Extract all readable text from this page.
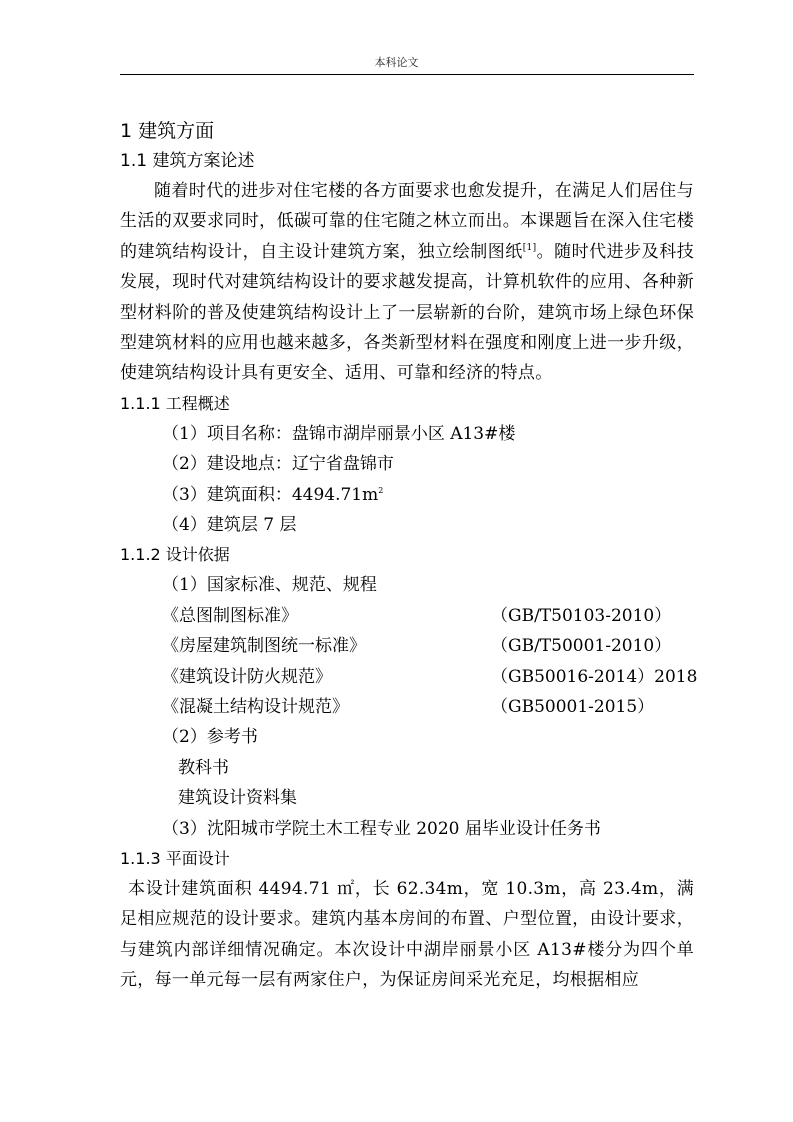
本科论文
1 建筑方面
1.1 建筑方案论述

随着时代的进步对住宅楼的各方面要求也愈发提升，在满足人们居住与生活的双要求同时，低碳可靠的住宅随之林立而出。本课题旨在深入住宅楼的建筑结构设计，自主设计建筑方案，独立绘制图纸[1]。随时代进步及科技发展，现时代对建筑结构设计的要求越发提高，计算机软件的应用、各种新型材料阶的普及使建筑结构设计上了一层崭新的台阶，建筑市场上绿色环保型建筑材料的应用也越来越多，各类新型材料在强度和刚度上进一步升级，使建筑结构设计具有更安全、适用、可靠和经济的特点。

1.1.1 工程概述
（1）项目名称：盘锦市湖岸丽景小区 A13#楼
（2）建设地点：辽宁省盘锦市
（3）建筑面积：$4494.71m^2$
（4）建筑层 7 层
1.1.2 设计依据
（1）国家标准、规范、规程
《总图制图标准》	（GB/T50103-2010）
《房屋建筑制图统一标准》	（GB/T50001-2010）
《建筑设计防火规范》	（GB50016-2014）2018
《混凝土结构设计规范》	（GB50001-2015）
（2）参考书
教科书
建筑设计资料集
（3）沈阳城市学院土木工程专业 2020 届毕业设计任务书
1.1.3 平面设计

本设计建筑面积 4494.71 ㎡，长 62.34m，宽 10.3m，高 23.4m，满足相应规范的设计要求。建筑内基本房间的布置、户型位置，由设计要求，与建筑内部详细情况确定。本次设计中湖岸丽景小区 A13#楼分为四个单元，每一单元每一层有两家住户，为保证房间采光充足，均根据相应
